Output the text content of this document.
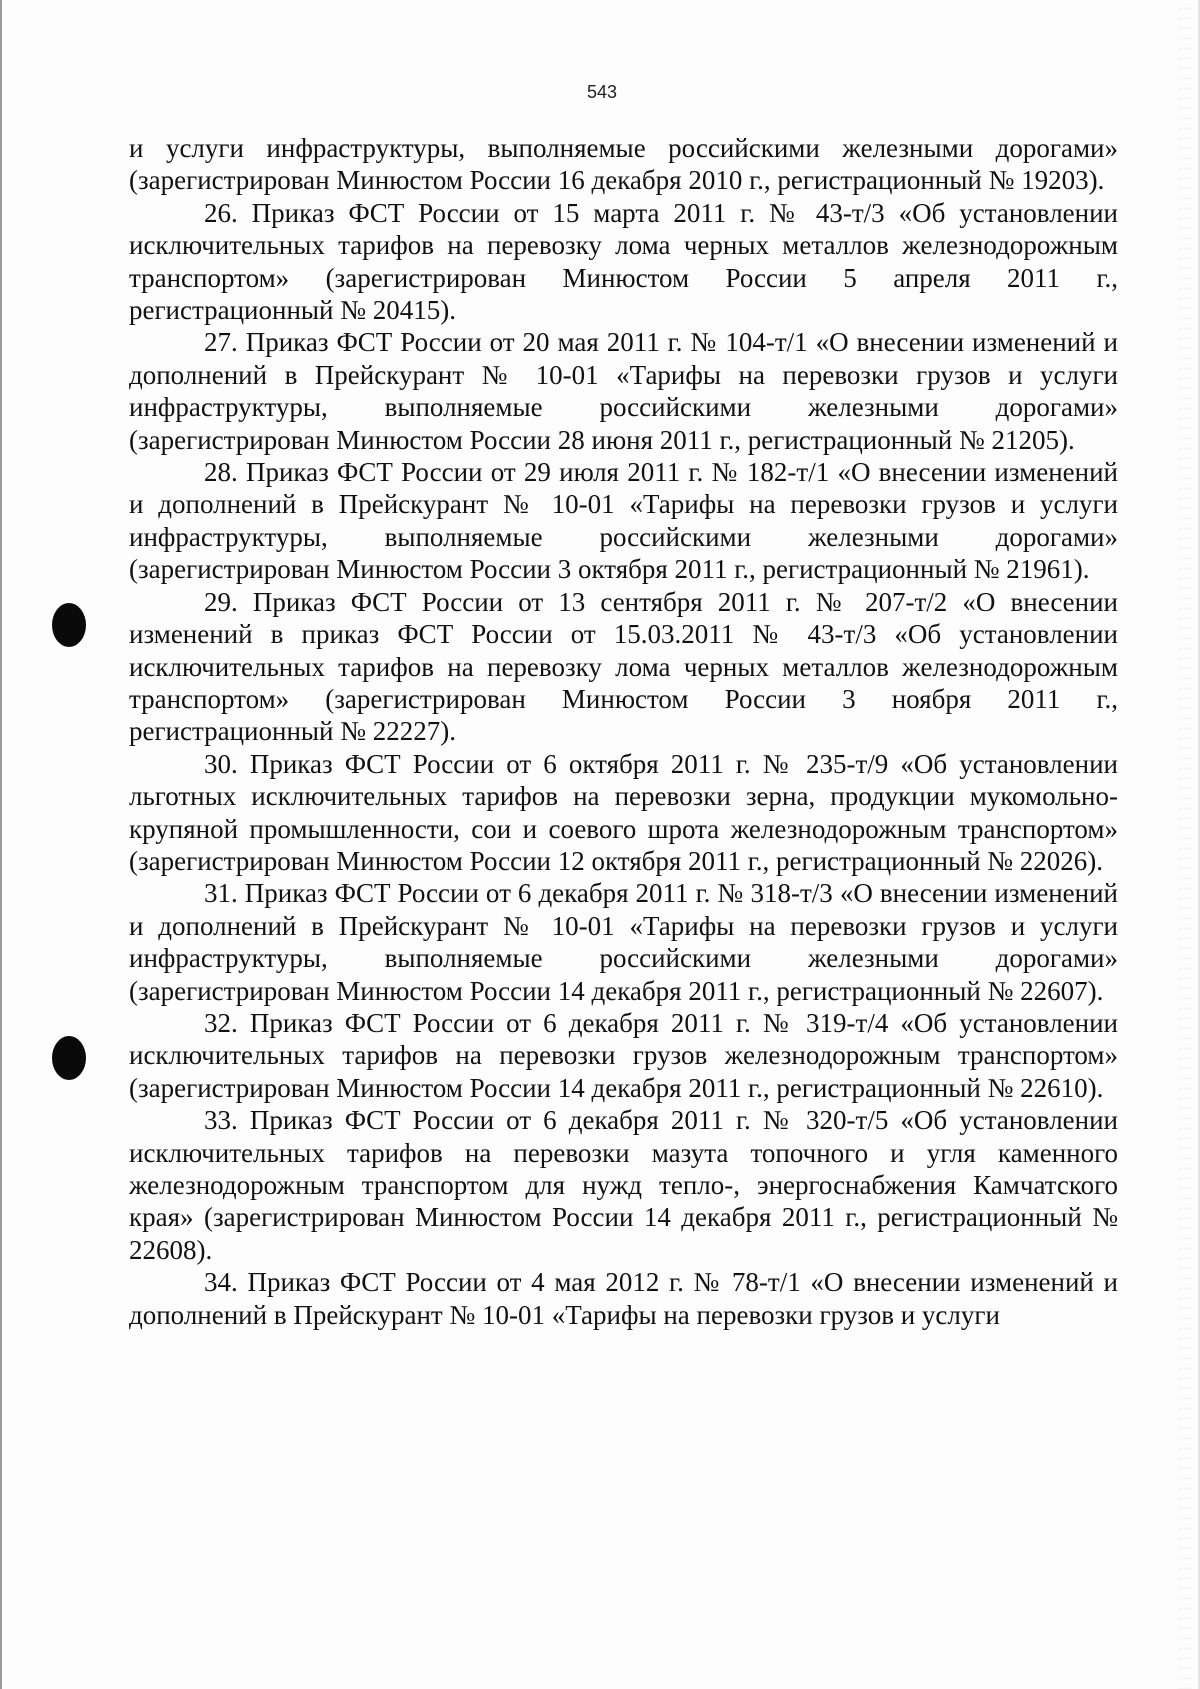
543

и услуги инфраструктуры, выполняемые российскими железными дорогами» (зарегистрирован Минюстом России 16 декабря 2010 г., регистрационный № 19203).

26. Приказ ФСТ России от 15 марта 2011 г. № 43-т/3 «Об установлении исключительных тарифов на перевозку лома черных металлов железнодорожным транспортом» (зарегистрирован Минюстом России 5 апреля 2011 г., регистрационный № 20415).

27. Приказ ФСТ России от 20 мая 2011 г. № 104-т/1 «О внесении изменений и дополнений в Прейскурант № 10-01 «Тарифы на перевозки грузов и услуги инфраструктуры, выполняемые российскими железными дорогами» (зарегистрирован Минюстом России 28 июня 2011 г., регистрационный № 21205).

28. Приказ ФСТ России от 29 июля 2011 г. № 182-т/1 «О внесении изменений и дополнений в Прейскурант № 10-01 «Тарифы на перевозки грузов и услуги инфраструктуры, выполняемые российскими железными дорогами» (зарегистрирован Минюстом России 3 октября 2011 г., регистрационный № 21961).

29. Приказ ФСТ России от 13 сентября 2011 г. № 207-т/2 «О внесении изменений в приказ ФСТ России от 15.03.2011 № 43-т/3 «Об установлении исключительных тарифов на перевозку лома черных металлов железнодорожным транспортом» (зарегистрирован Минюстом России 3 ноября 2011 г., регистрационный № 22227).

30. Приказ ФСТ России от 6 октября 2011 г. № 235-т/9 «Об установлении льготных исключительных тарифов на перевозки зерна, продукции мукомольно-крупяной промышленности, сои и соевого шрота железнодорожным транспортом» (зарегистрирован Минюстом России 12 октября 2011 г., регистрационный № 22026).

31. Приказ ФСТ России от 6 декабря 2011 г. № 318-т/3 «О внесении изменений и дополнений в Прейскурант № 10-01 «Тарифы на перевозки грузов и услуги инфраструктуры, выполняемые российскими железными дорогами» (зарегистрирован Минюстом России 14 декабря 2011 г., регистрационный № 22607).

32. Приказ ФСТ России от 6 декабря 2011 г. № 319-т/4 «Об установлении исключительных тарифов на перевозки грузов железнодорожным транспортом» (зарегистрирован Минюстом России 14 декабря 2011 г., регистрационный № 22610).

33. Приказ ФСТ России от 6 декабря 2011 г. № 320-т/5 «Об установлении исключительных тарифов на перевозки мазута топочного и угля каменного железнодорожным транспортом для нужд тепло-, энергоснабжения Камчатского края» (зарегистрирован Минюстом России 14 декабря 2011 г., регистрационный № 22608).

34. Приказ ФСТ России от 4 мая 2012 г. № 78-т/1 «О внесении изменений и дополнений в Прейскурант № 10-01 «Тарифы на перевозки грузов и услуги
